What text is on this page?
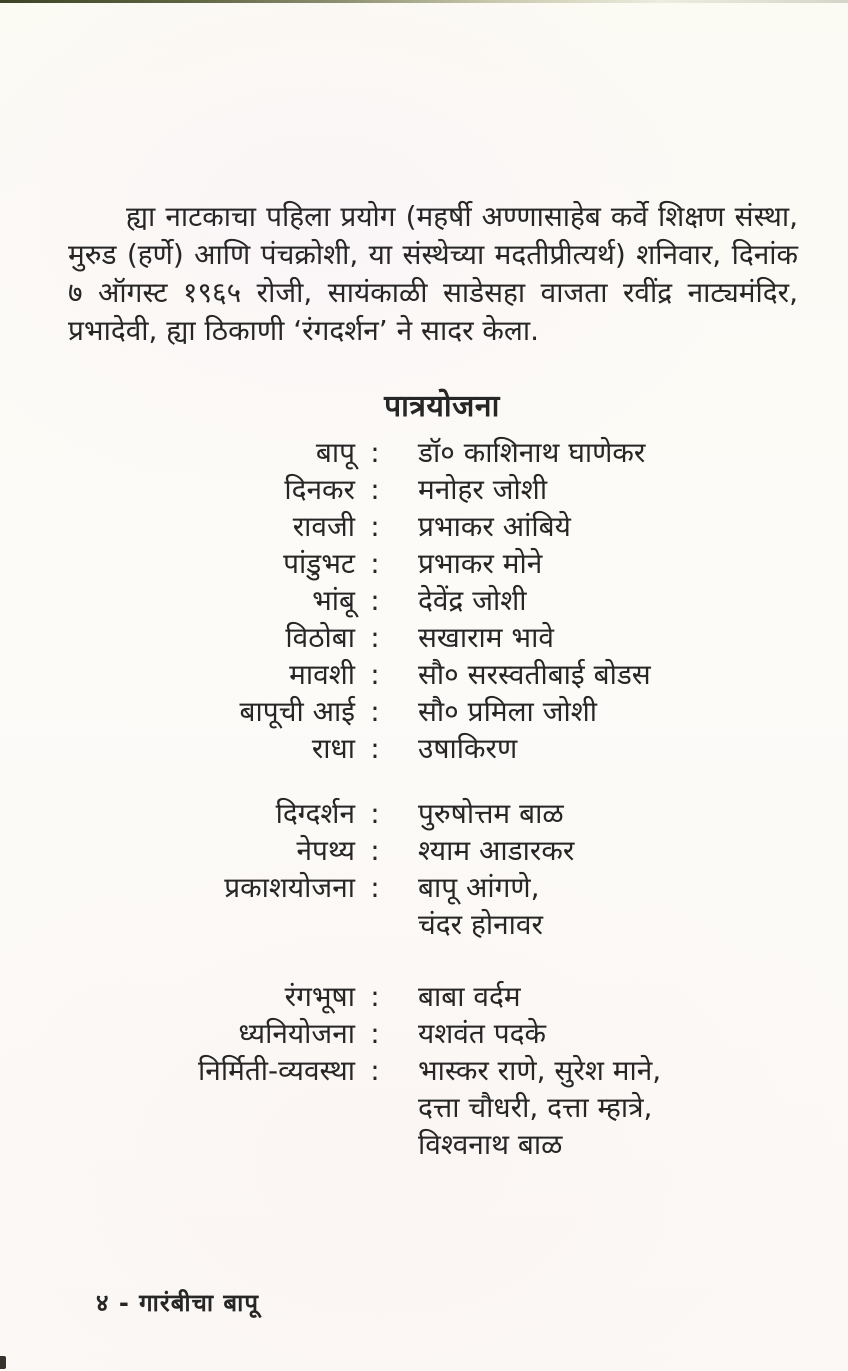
ह्या नाटकाचा पहिला प्रयोग (महर्षी अण्णासाहेब कर्वे शिक्षण संस्था,
मुरुड (हर्णे) आणि पंचक्रोशी, या संस्थेच्या मदतीप्रीत्यर्थ) शनिवार, दिनांक
७ ऑगस्ट १९६५ रोजी, सायंकाळी साडेसहा वाजता रवींद्र नाट्यमंदिर,
प्रभादेवी, ह्या ठिकाणी ‘रंगदर्शन’ ने सादर केला.
पात्रयोजना
बापू :	डॉ० काशिनाथ घाणेकर
दिनकर :	मनोहर जोशी
रावजी :	प्रभाकर आंबिये
पांडुभट :	प्रभाकर मोने
भांबू :	देवेंद्र जोशी
विठोबा :	सखाराम भावे
मावशी :	सौ० सरस्वतीबाई बोडस
बापूची आई :	सौ० प्रमिला जोशी
राधा :	उषाकिरण
दिग्दर्शन :	पुरुषोत्तम बाळ
नेपथ्य :	श्याम आडारकर
प्रकाशयोजना :	बापू आंगणे,
चंदर होनावर
रंगभूषा :	बाबा वर्दम
ध्यनियोजना :	यशवंत पदके
निर्मिती-व्यवस्था :	भास्कर राणे, सुरेश माने,
दत्ता चौधरी, दत्ता म्हात्रे,
विश्वनाथ बाळ
४ - गारंबीचा बापू
